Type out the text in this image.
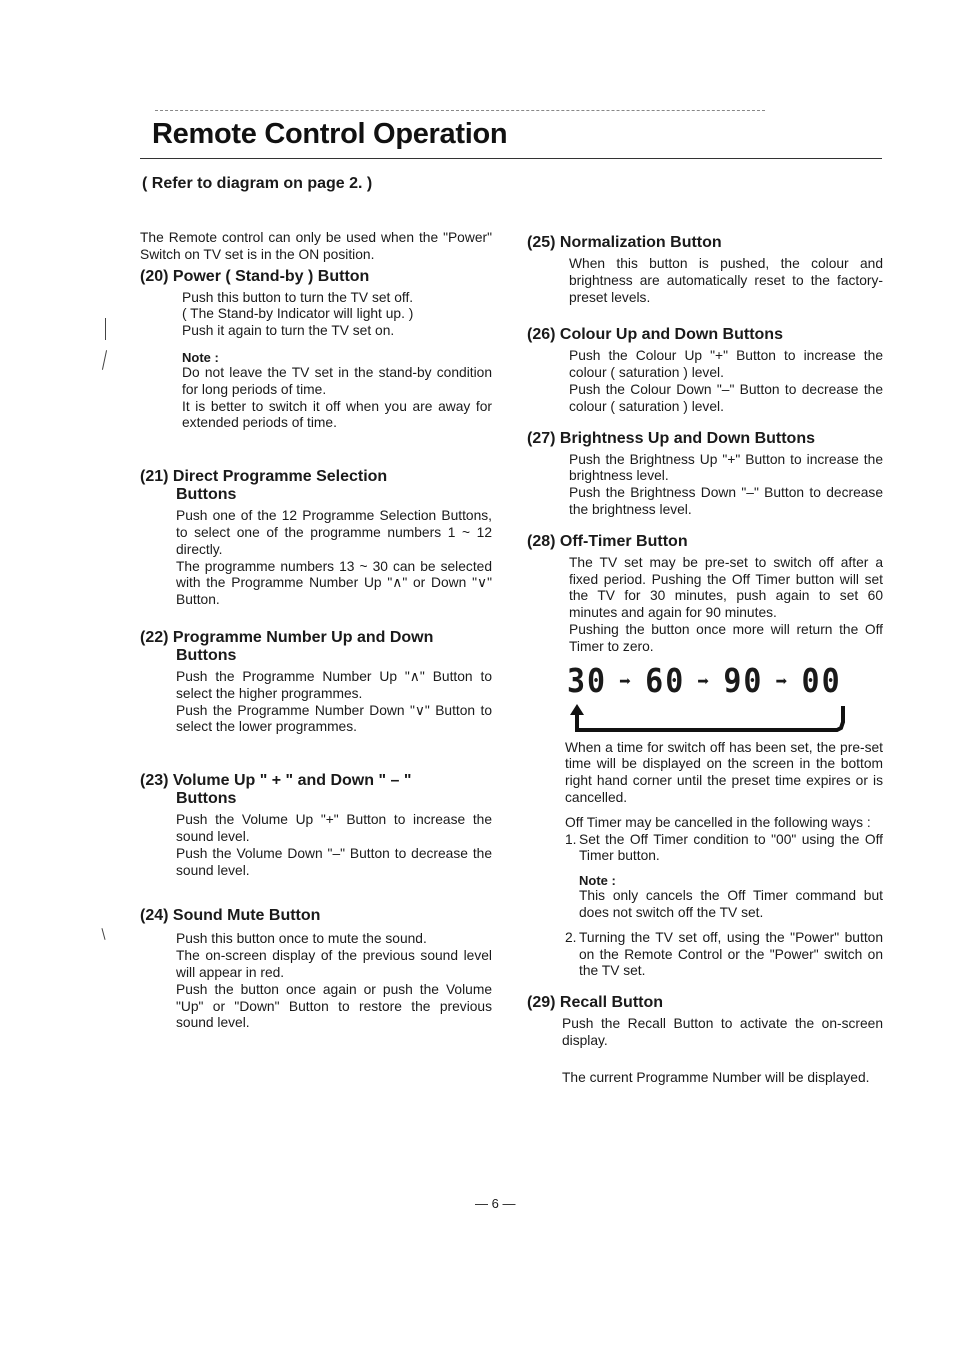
Remote Control Operation
( Refer to diagram on page 2. )

The Remote control can only be used when the "Power" Switch on TV set is in the ON position.

(20) Power ( Stand-by ) Button

Push this button to turn the TV set off.

( The Stand-by Indicator will light up. )

Push it again to turn the TV set on.

Note :

Do not leave the TV set in the stand-by condition for long periods of time.

It is better to switch it off when you are away for extended periods of time.

(21) Direct Programme Selection
Buttons

Push one of the 12 Programme Selection Buttons, to select one of the programme numbers 1 ~ 12 directly.

The programme numbers 13 ~ 30 can be selected with the Programme Number Up "∧" or Down "∨" Button.

(22) Programme Number Up and Down
Buttons

Push the Programme Number Up "∧" Button to select the higher programmes.

Push the Programme Number Down "∨" Button to select the lower programmes.

(23) Volume Up " + " and Down " – "
Buttons

Push the Volume Up "+" Button to increase the sound level.

Push the Volume Down "–" Button to decrease the sound level.

(24) Sound Mute Button

Push this button once to mute the sound.

The on-screen display of the previous sound level will appear in red.

Push the button once again or push the Volume "Up" or "Down" Button to restore the previous sound level.

(25) Normalization Button

When this button is pushed, the colour and brightness are automatically reset to the factory-preset levels.

(26) Colour Up and Down Buttons

Push the Colour Up "+" Button to increase the colour ( saturation ) level.

Push the Colour Down "–" Button to decrease the colour ( saturation ) level.

(27) Brightness Up and Down Buttons

Push the Brightness Up "+" Button to increase the brightness level.

Push the Brightness Down "–" Button to decrease the brightness level.

(28) Off-Timer Button

The TV set may be pre-set to switch off after a fixed period. Pushing the Off Timer button will set the TV for 30 minutes, push again to set 60 minutes and again for 90 minutes.

Pushing the button once more will return the Off Timer to zero.

30 ➡ 60 ➡ 90 ➡ 00

When a time for switch off has been set, the pre-set time will be displayed on the screen in the bottom right hand corner until the preset time expires or is cancelled.

Off Timer may be cancelled in the following ways :

1. Set the Off Timer condition to "00" using the Off Timer button.

Note :

This only cancels the Off Timer command but does not switch off the TV set.

2. Turning the TV set off, using the "Power" button on the Remote Control or the "Power" switch on the TV set.

(29) Recall Button

Push the Recall Button to activate the on-screen display.

The current Programme Number will be displayed.

— 6 —
